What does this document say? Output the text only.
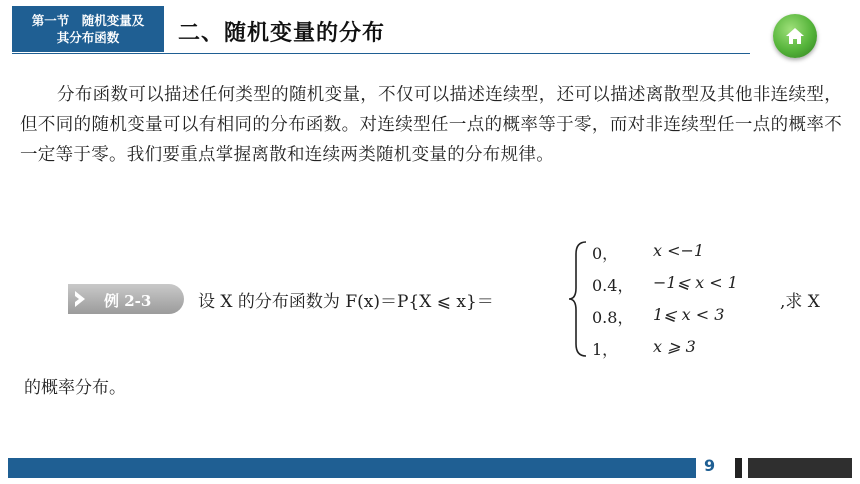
第一节　随机变量及
其分布函数	二、随机变量的分布

分布函数可以描述任何类型的随机变量，不仅可以描述连续型，还可以描述离散型及其他非连续型，但不同的随机变量可以有相同的分布函数。对连续型任一点的概率等于零，而对非连续型任一点的概率不一定等于零。我们要重点掌握离散和连续两类随机变量的分布规律。

例 2-3	设 X 的分布函数为 F(x)＝P{X ⩽ x}＝
0， x <−1
0.4， −1⩽ x < 1
0.8， 1⩽ x < 3
1， x ⩾ 3
,求 X
的概率分布。
9
